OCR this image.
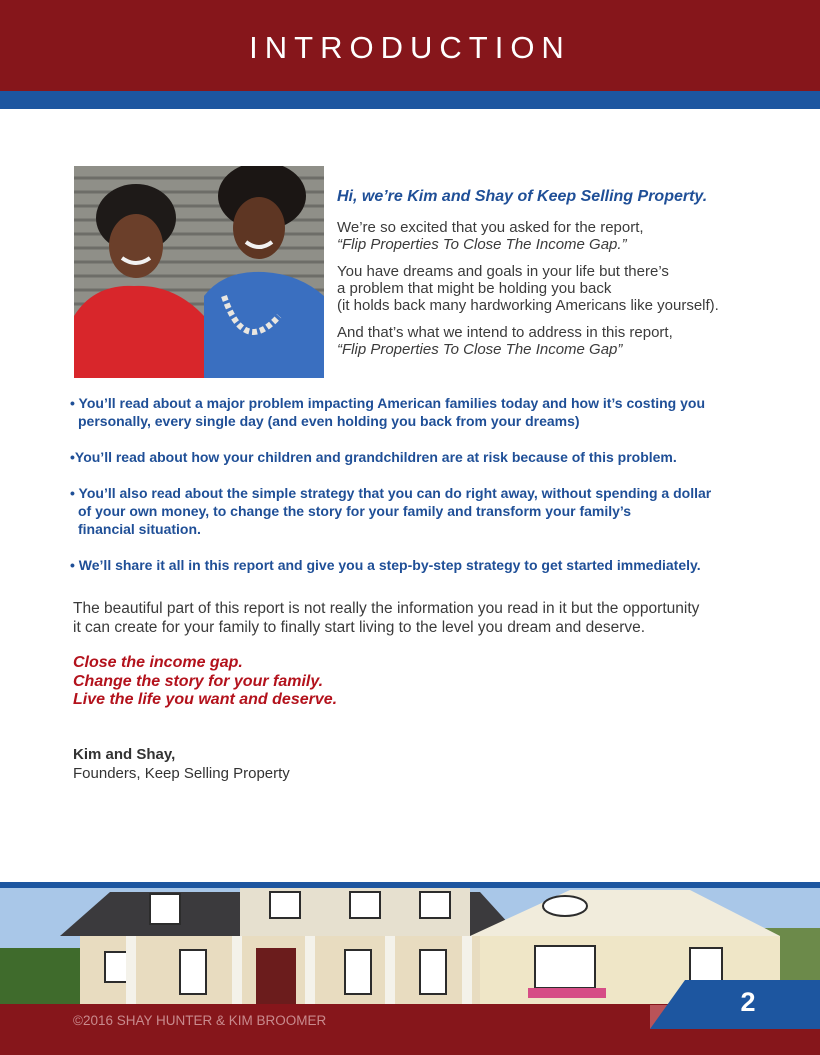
INTRODUCTION

Hi, we’re Kim and Shay of Keep Selling Property.

We’re so excited that you asked for the report,
“Flip Properties To Close The Income Gap.”

You have dreams and goals in your life but there’s
a problem that might be holding you back
(it holds back many hardworking Americans like yourself).

And that’s what we intend to address in this report,
“Flip Properties To Close The Income Gap”

• You’ll read about a major problem impacting American families today and how it’s costing you
personally, every single day (and even holding you back from your dreams)
•You’ll read about how your children and grandchildren are at risk because of this problem.
• You’ll also read about the simple strategy that you can do right away, without spending a dollar
of your own money, to change the story for your family and transform your family’s
financial situation.
• We’ll share it all in this report and give you a step-by-step strategy to get started immediately.
The beautiful part of this report is not really the information you read in it but the opportunity
it can create for your family to finally start living to the level you dream and deserve.
Close the income gap.
Change the story for your family.
Live the life you want and deserve.
Kim and Shay,
Founders, Keep Selling Property
©2016 SHAY HUNTER & KIM BROOMER
2
